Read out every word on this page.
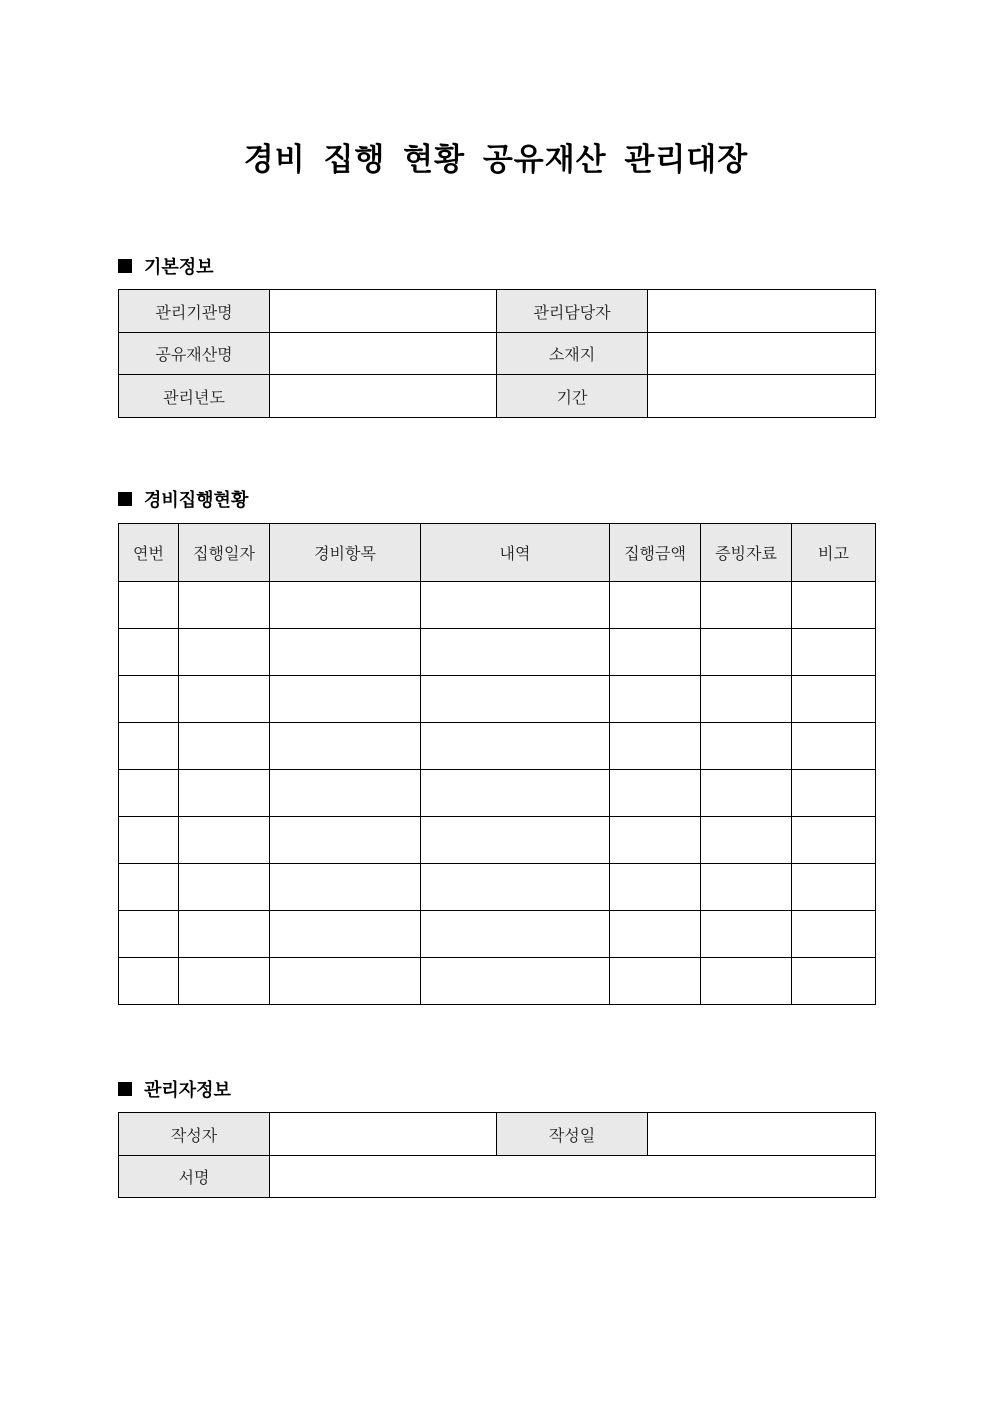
경비 집행 현황 공유재산 관리대장
기본정보
관리기관명		관리담당자	
공유재산명		소재지	
관리년도		기간	
경비집행현황
연번	집행일자	경비항목	내역	집행금액	증빙자료	비고

관리자정보
작성자		작성일	
서명			
